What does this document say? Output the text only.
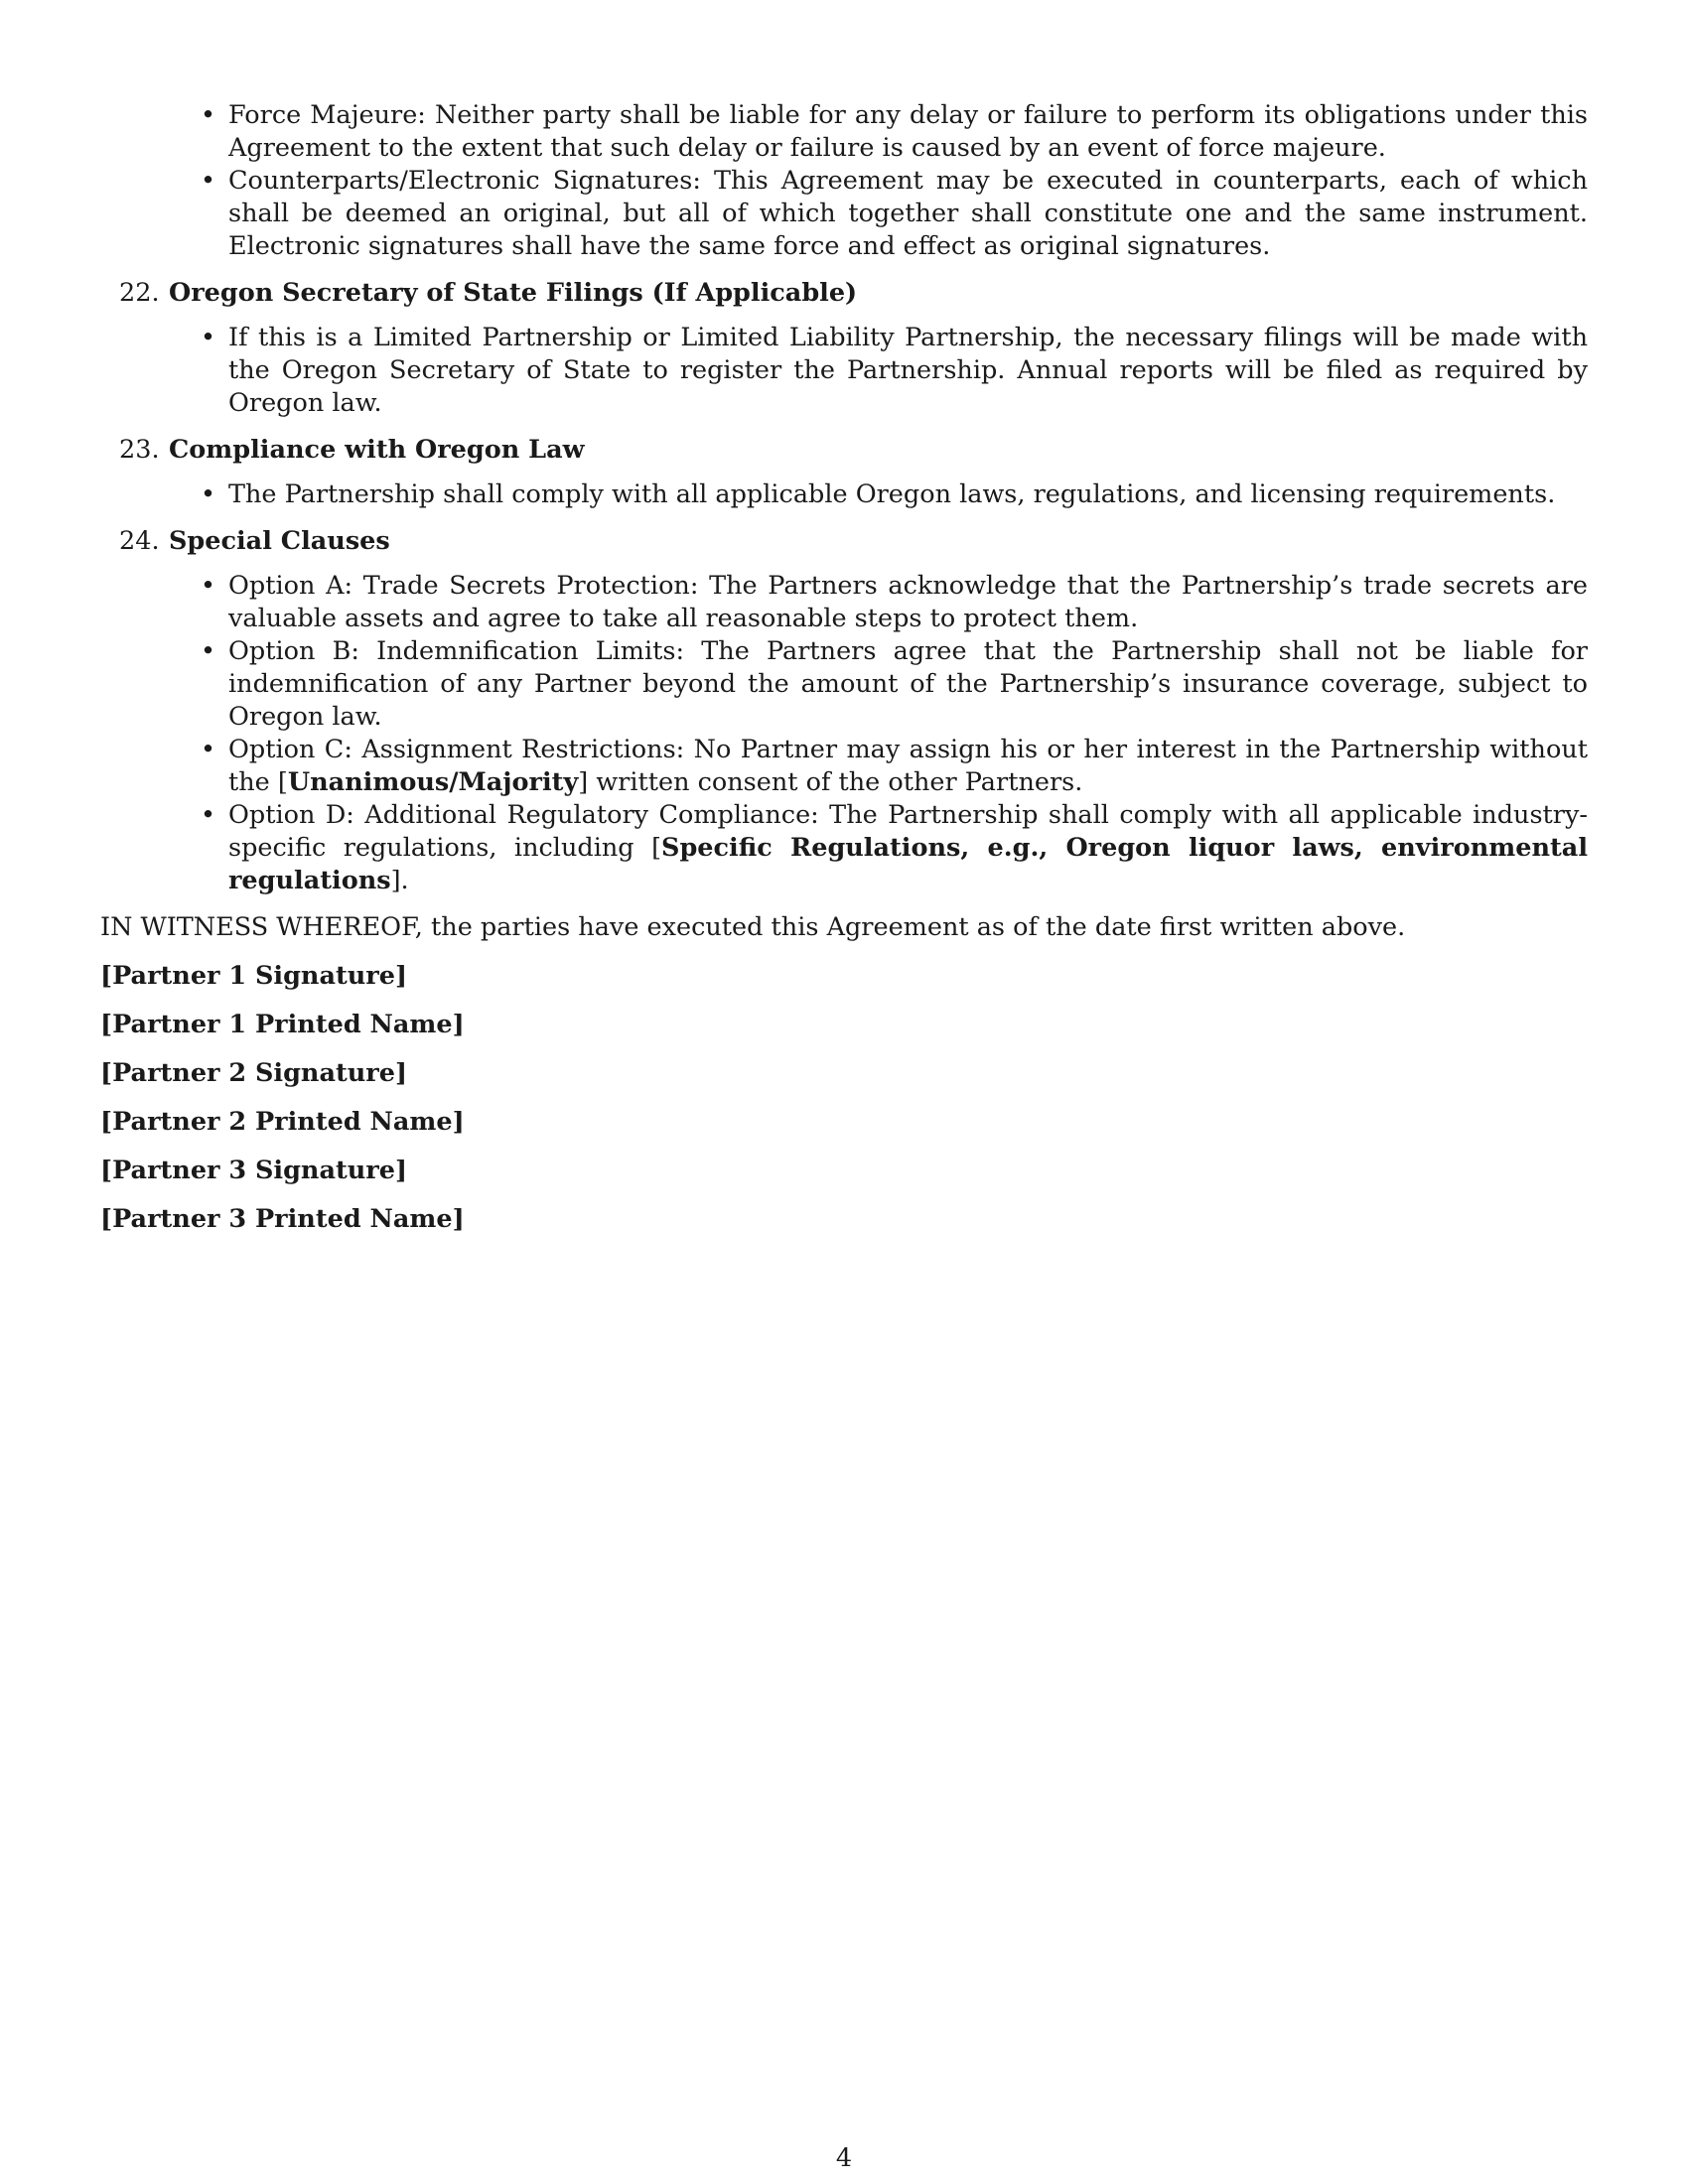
• Force Majeure: Neither party shall be liable for any delay or failure to perform its obligations under this Agreement to the extent that such delay or failure is caused by an event of force majeure.
• Counterparts/Electronic Signatures: This Agreement may be executed in counterparts, each of which shall be deemed an original, but all of which together shall constitute one and the same instrument. Electronic signatures shall have the same force and effect as original signatures.
22. Oregon Secretary of State Filings (If Applicable)
• If this is a Limited Partnership or Limited Liability Partnership, the necessary filings will be made with the Oregon Secretary of State to register the Partnership. Annual reports will be filed as required by Oregon law.
23. Compliance with Oregon Law
• The Partnership shall comply with all applicable Oregon laws, regulations, and licensing requirements.
24. Special Clauses
• Option A: Trade Secrets Protection: The Partners acknowledge that the Partnership’s trade secrets are valuable assets and agree to take all reasonable steps to protect them.
• Option B: Indemnification Limits: The Partners agree that the Partnership shall not be liable for indemnification of any Partner beyond the amount of the Partnership’s insurance coverage, subject to Oregon law.
• Option C: Assignment Restrictions: No Partner may assign his or her interest in the Partnership without the [Unanimous/Majority] written consent of the other Partners.
• Option D: Additional Regulatory Compliance: The Partnership shall comply with all applicable industry-specific regulations, including [Specific Regulations, e.g., Oregon liquor laws, environmental regulations].
IN WITNESS WHEREOF, the parties have executed this Agreement as of the date first written above.
[Partner 1 Signature]
[Partner 1 Printed Name]
[Partner 2 Signature]
[Partner 2 Printed Name]
[Partner 3 Signature]
[Partner 3 Printed Name]
4
